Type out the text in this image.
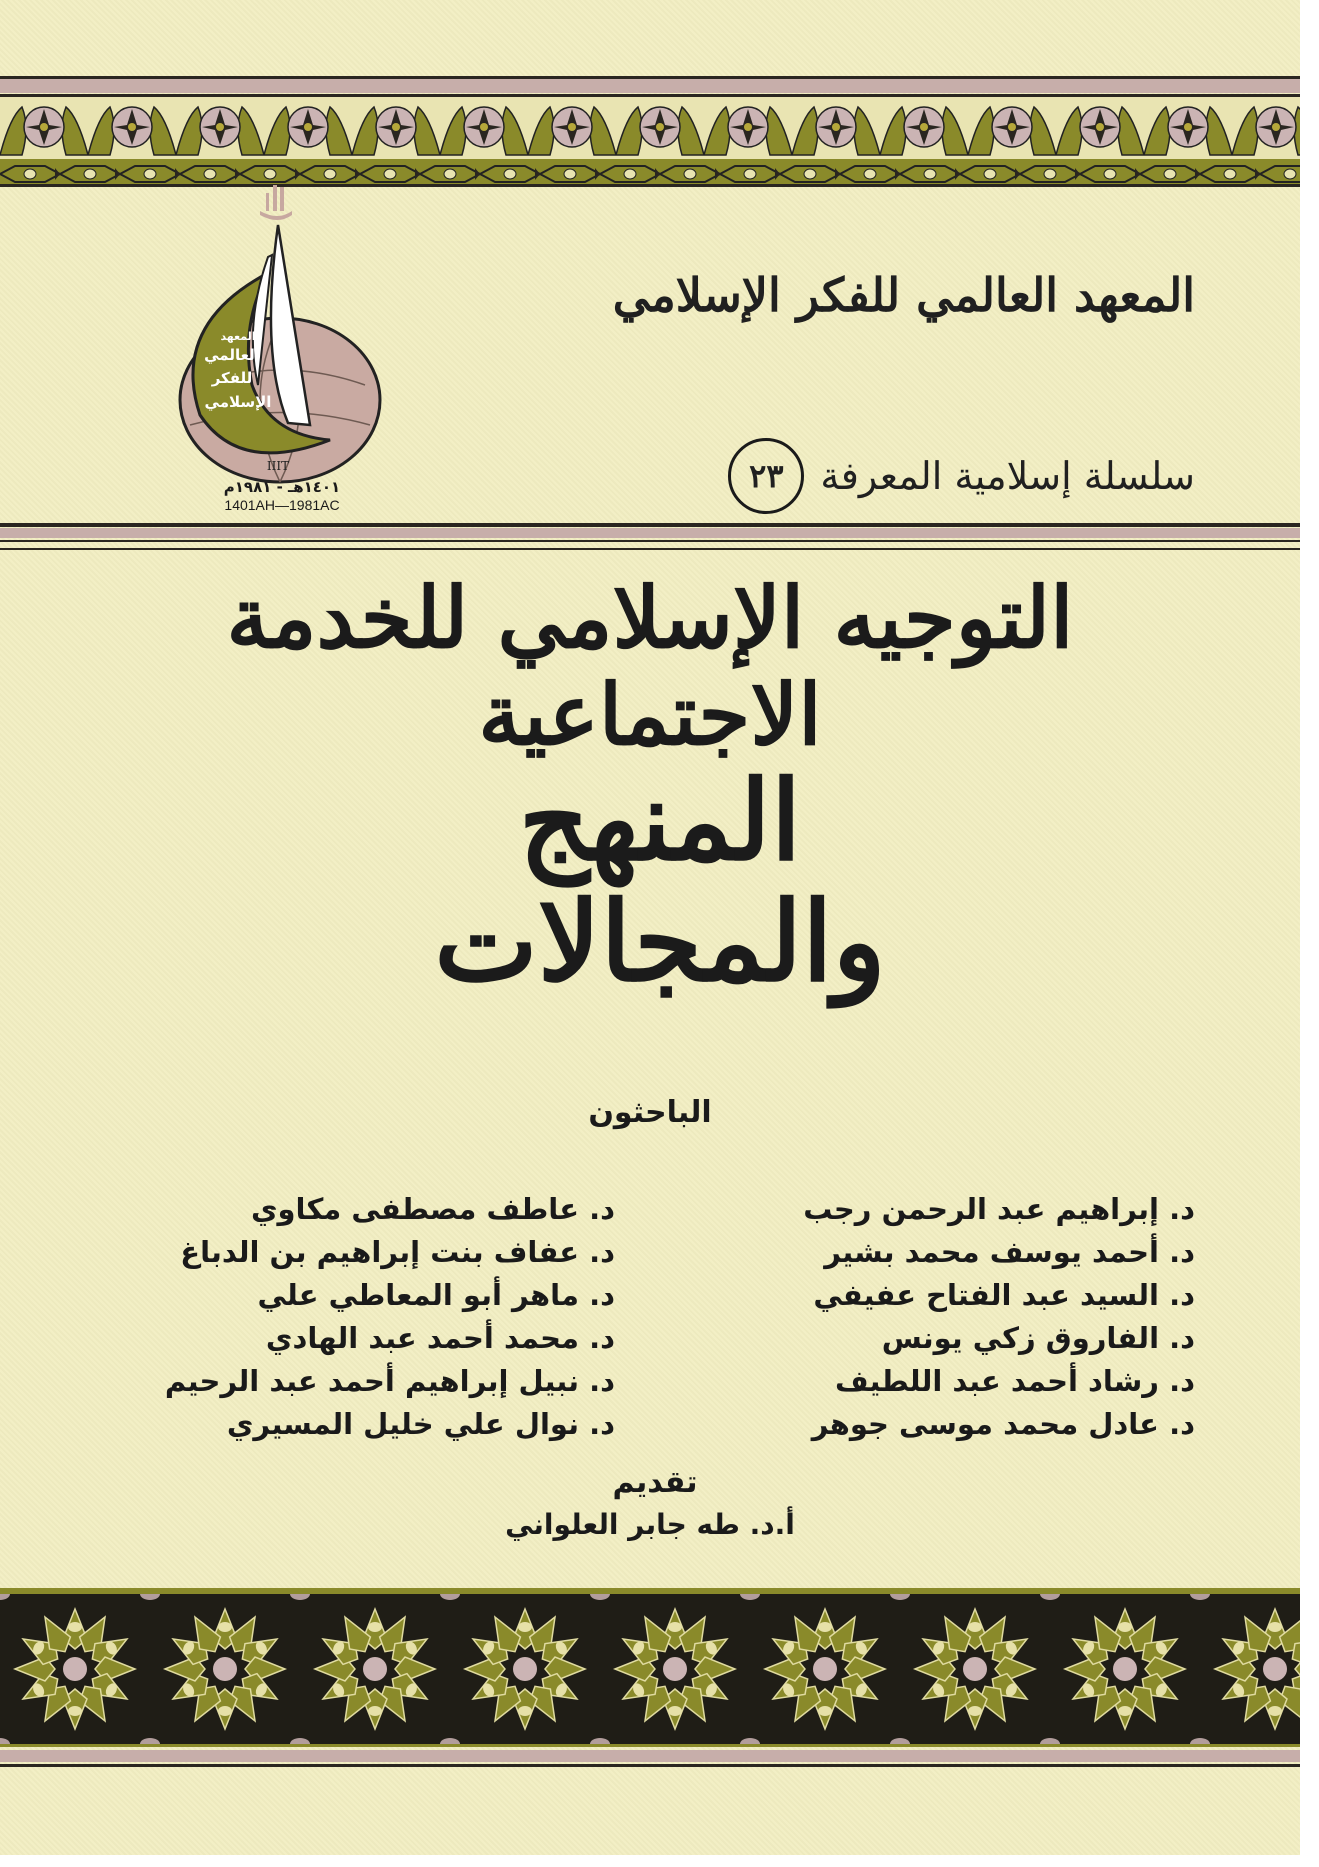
المعهد
العالمي
للفكر
الإسلامي
IIIT
١٤٠١هـ - ١٩٨١م
1401AH—1981AC
المعهد العالمي للفكر الإسلامي
سلسلة إسلامية المعرفة
٢٣
التوجيه الإسلامي للخدمة الاجتماعية
المنهج والمجالات
الباحثون
د. إبراهيم عبد الرحمن رجب
د. أحمد يوسف محمد بشير
د. السيد عبد الفتاح عفيفي
د. الفاروق زكي يونس
د. رشاد أحمد عبد اللطيف
د. عادل محمد موسى جوهر
د. عاطف مصطفى مكاوي
د. عفاف بنت إبراهيم بن الدباغ
د. ماهر أبو المعاطي علي
د. محمد أحمد عبد الهادي
د. نبيل إبراهيم أحمد عبد الرحيم
د. نوال علي خليل المسيري
تقديم
أ.د. طه جابر العلواني
